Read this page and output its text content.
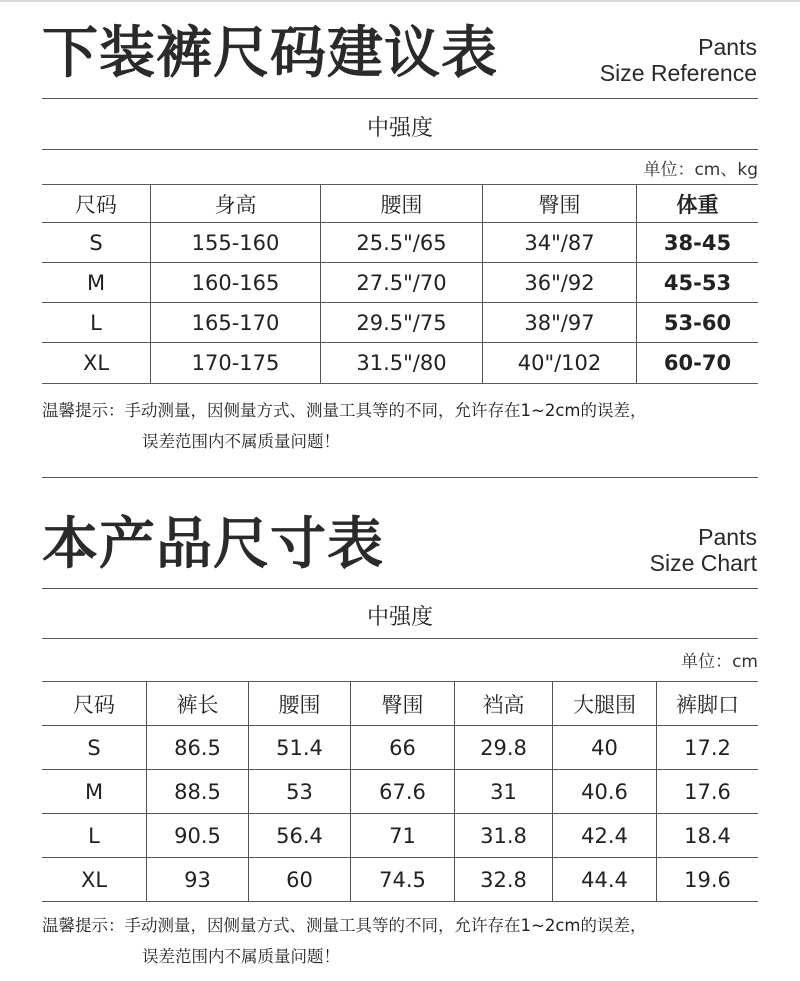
下装裤尺码建议表	Pants
Size Reference
中强度
单位：cm、kg
尺码	身高	腰围	臀围	体重
S	155-160	25.5"/65	34"/87	38-45
M	160-165	27.5"/70	36"/92	45-53
L	165-170	29.5"/75	38"/97	53-60
XL	170-175	31.5"/80	40"/102	60-70
温馨提示：手动测量，因侧量方式、测量工具等的不同，允许存在1~2cm的误差，
误差范围内不属质量问题！
本产品尺寸表	Pants
Size Chart
中强度
单位：cm
尺码	裤长	腰围	臀围	裆高	大腿围	裤脚口
S	86.5	51.4	66	29.8	40	17.2
M	88.5	53	67.6	31	40.6	17.6
L	90.5	56.4	71	31.8	42.4	18.4
XL	93	60	74.5	32.8	44.4	19.6
温馨提示：手动测量，因侧量方式、测量工具等的不同，允许存在1~2cm的误差，
误差范围内不属质量问题！
